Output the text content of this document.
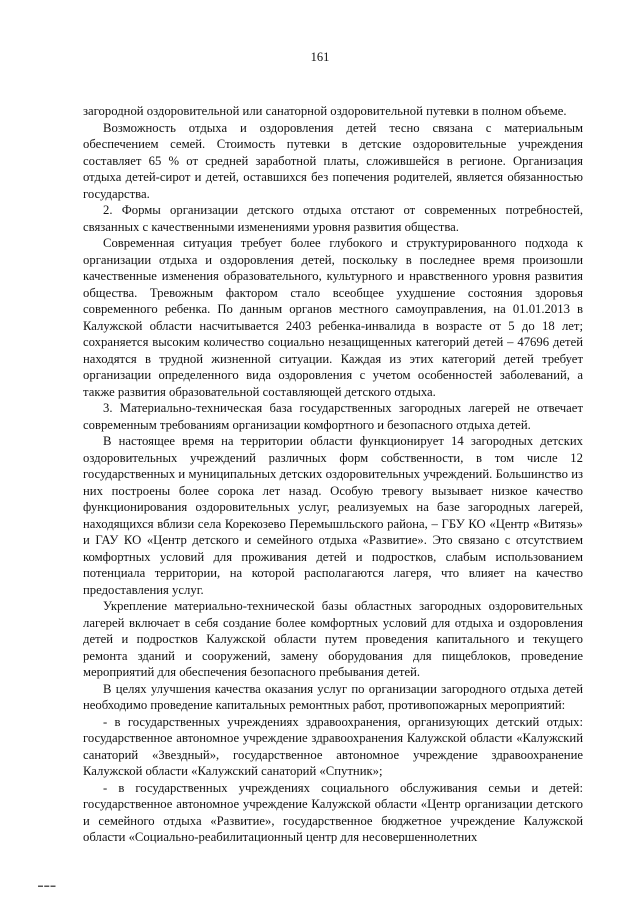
161

загородной оздоровительной или санаторной оздоровительной путевки в полном объеме.

Возможность отдыха и оздоровления детей тесно связана с материальным обеспечением семей. Стоимость путевки в детские оздоровительные учреждения составляет 65 % от средней заработной платы, сложившейся в регионе. Организация отдыха детей-сирот и детей, оставшихся без попечения родителей, является обязанностью государства.

2. Формы организации детского отдыха отстают от современных потребностей, связанных с качественными изменениями уровня развития общества.

Современная ситуация требует более глубокого и структурированного подхода к организации отдыха и оздоровления детей, поскольку в последнее время произошли качественные изменения образовательного, культурного и нравственного уровня развития общества. Тревожным фактором стало всеобщее ухудшение состояния здоровья современного ребенка. По данным органов местного самоуправления, на 01.01.2013 в Калужской области насчитывается 2403 ребенка-инвалида в возрасте от 5 до 18 лет; сохраняется высоким количество социально незащищенных категорий детей – 47696 детей находятся в трудной жизненной ситуации. Каждая из этих категорий детей требует организации определенного вида оздоровления с учетом особенностей заболеваний, а также развития образовательной составляющей детского отдыха.

3. Материально-техническая база государственных загородных лагерей не отвечает современным требованиям организации комфортного и безопасного отдыха детей.

В настоящее время на территории области функционирует 14 загородных детских оздоровительных учреждений различных форм собственности, в том числе 12 государственных и муниципальных детских оздоровительных учреждений. Большинство из них построены более сорока лет назад. Особую тревогу вызывает низкое качество функционирования оздоровительных услуг, реализуемых на базе загородных лагерей, находящихся вблизи села Корекозево Перемышльского района, – ГБУ КО «Центр «Витязь» и ГАУ КО «Центр детского и семейного отдыха «Развитие». Это связано с отсутствием комфортных условий для проживания детей и подростков, слабым использованием потенциала территории, на которой располагаются лагеря, что влияет на качество предоставления услуг.

Укрепление материально-технической базы областных загородных оздоровительных лагерей включает в себя создание более комфортных условий для отдыха и оздоровления детей и подростков Калужской области путем проведения капитального и текущего ремонта зданий и сооружений, замену оборудования для пищеблоков, проведение мероприятий для обеспечения безопасного пребывания детей.

В целях улучшения качества оказания услуг по организации загородного отдыха детей необходимо проведение капитальных ремонтных работ, противопожарных мероприятий:

- в государственных учреждениях здравоохранения, организующих детский отдых: государственное автономное учреждение здравоохранения Калужской области «Калужский санаторий «Звездный», государственное автономное учреждение здравоохранение Калужской области «Калужский санаторий «Спутник»;

- в государственных учреждениях социального обслуживания семьи и детей: государственное автономное учреждение Калужской области «Центр организации детского и семейного отдыха «Развитие», государственное бюджетное учреждение Калужской области «Социально-реабилитационный центр для несовершеннолетних

▬ ▬ ▬
